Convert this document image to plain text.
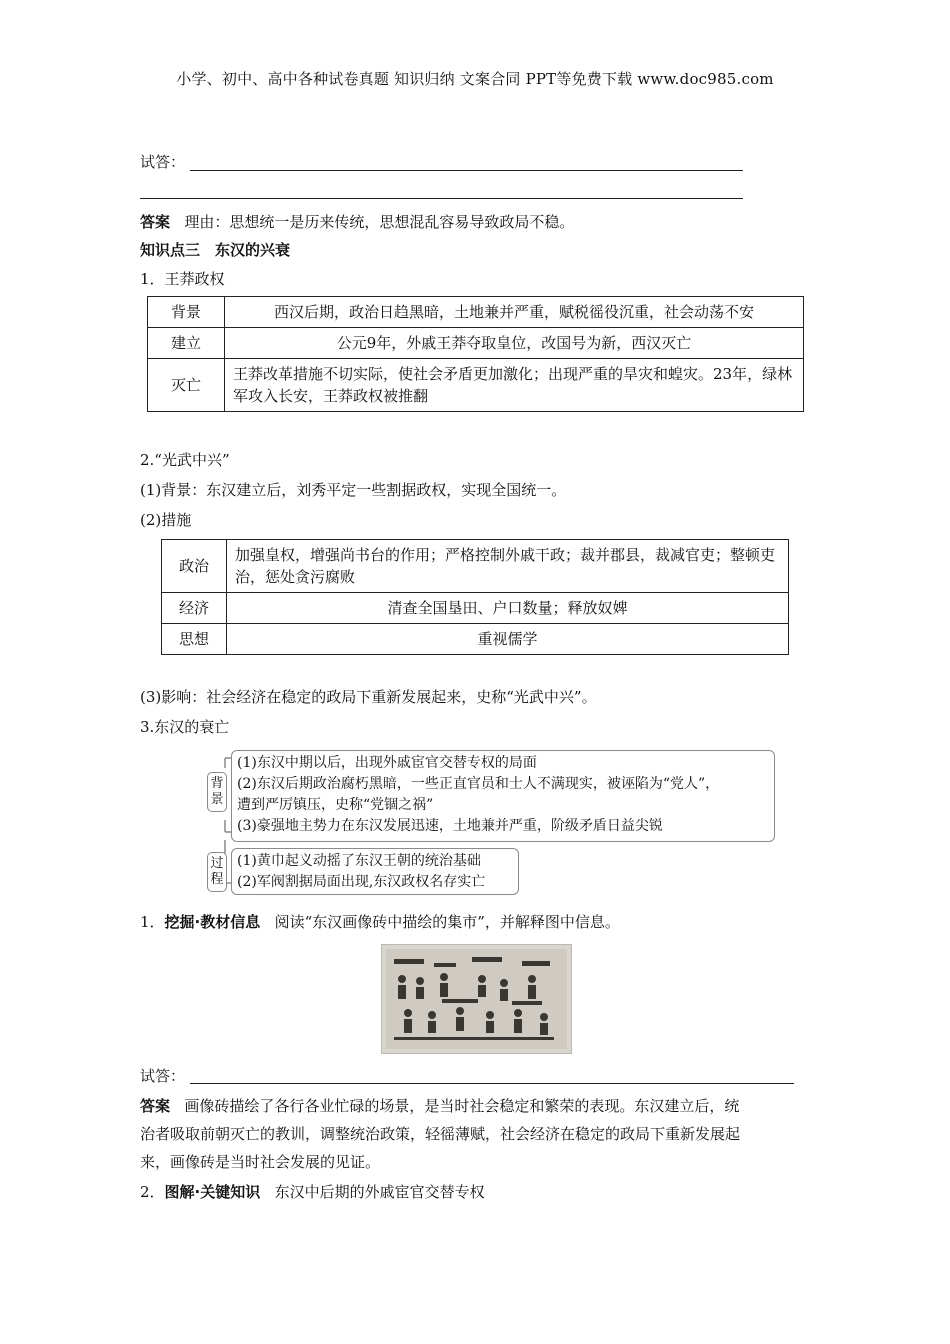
小学、初中、高中各种试卷真题 知识归纳 文案合同 PPT等免费下载 www.doc985.com
试答：
答案 理由：思想统一是历来传统，思想混乱容易导致政局不稳。
知识点三　东汉的兴衰
1．王莽政权
背景	西汉后期，政治日趋黑暗，土地兼并严重，赋税徭役沉重，社会动荡不安
建立	公元9年，外戚王莽夺取皇位，改国号为新，西汉灭亡
灭亡	王莽改革措施不切实际，使社会矛盾更加激化；出现严重的旱灾和蝗灾。23年，绿林军攻入长安，王莽政权被推翻
2.“光武中兴”
(1)背景：东汉建立后，刘秀平定一些割据政权，实现全国统一。
(2)措施
政治	加强皇权，增强尚书台的作用；严格控制外戚干政；裁并郡县，裁减官吏；整顿吏治，惩处贪污腐败
经济	清查全国垦田、户口数量；释放奴婢
思想	重视儒学
(3)影响：社会经济在稳定的政局下重新发展起来，史称“光武中兴”。
3.东汉的衰亡
背景
(1)东汉中期以后，出现外戚宦官交替专权的局面
(2)东汉后期政治腐朽黑暗，一些正直官员和士人不满现实，被诬陷为“党人”，
遭到严厉镇压，史称“党锢之祸”
(3)豪强地主势力在东汉发展迅速，土地兼并严重，阶级矛盾日益尖锐
过程
(1)黄巾起义动摇了东汉王朝的统治基础
(2)军阀割据局面出现,东汉政权名存实亡
1．挖掘·教材信息 阅读“东汉画像砖中描绘的集市”，并解释图中信息。
试答：
答案 画像砖描绘了各行各业忙碌的场景，是当时社会稳定和繁荣的表现。东汉建立后，统
治者吸取前朝灭亡的教训，调整统治政策，轻徭薄赋，社会经济在稳定的政局下重新发展起
来，画像砖是当时社会发展的见证。
2．图解·关键知识 东汉中后期的外戚宦官交替专权
